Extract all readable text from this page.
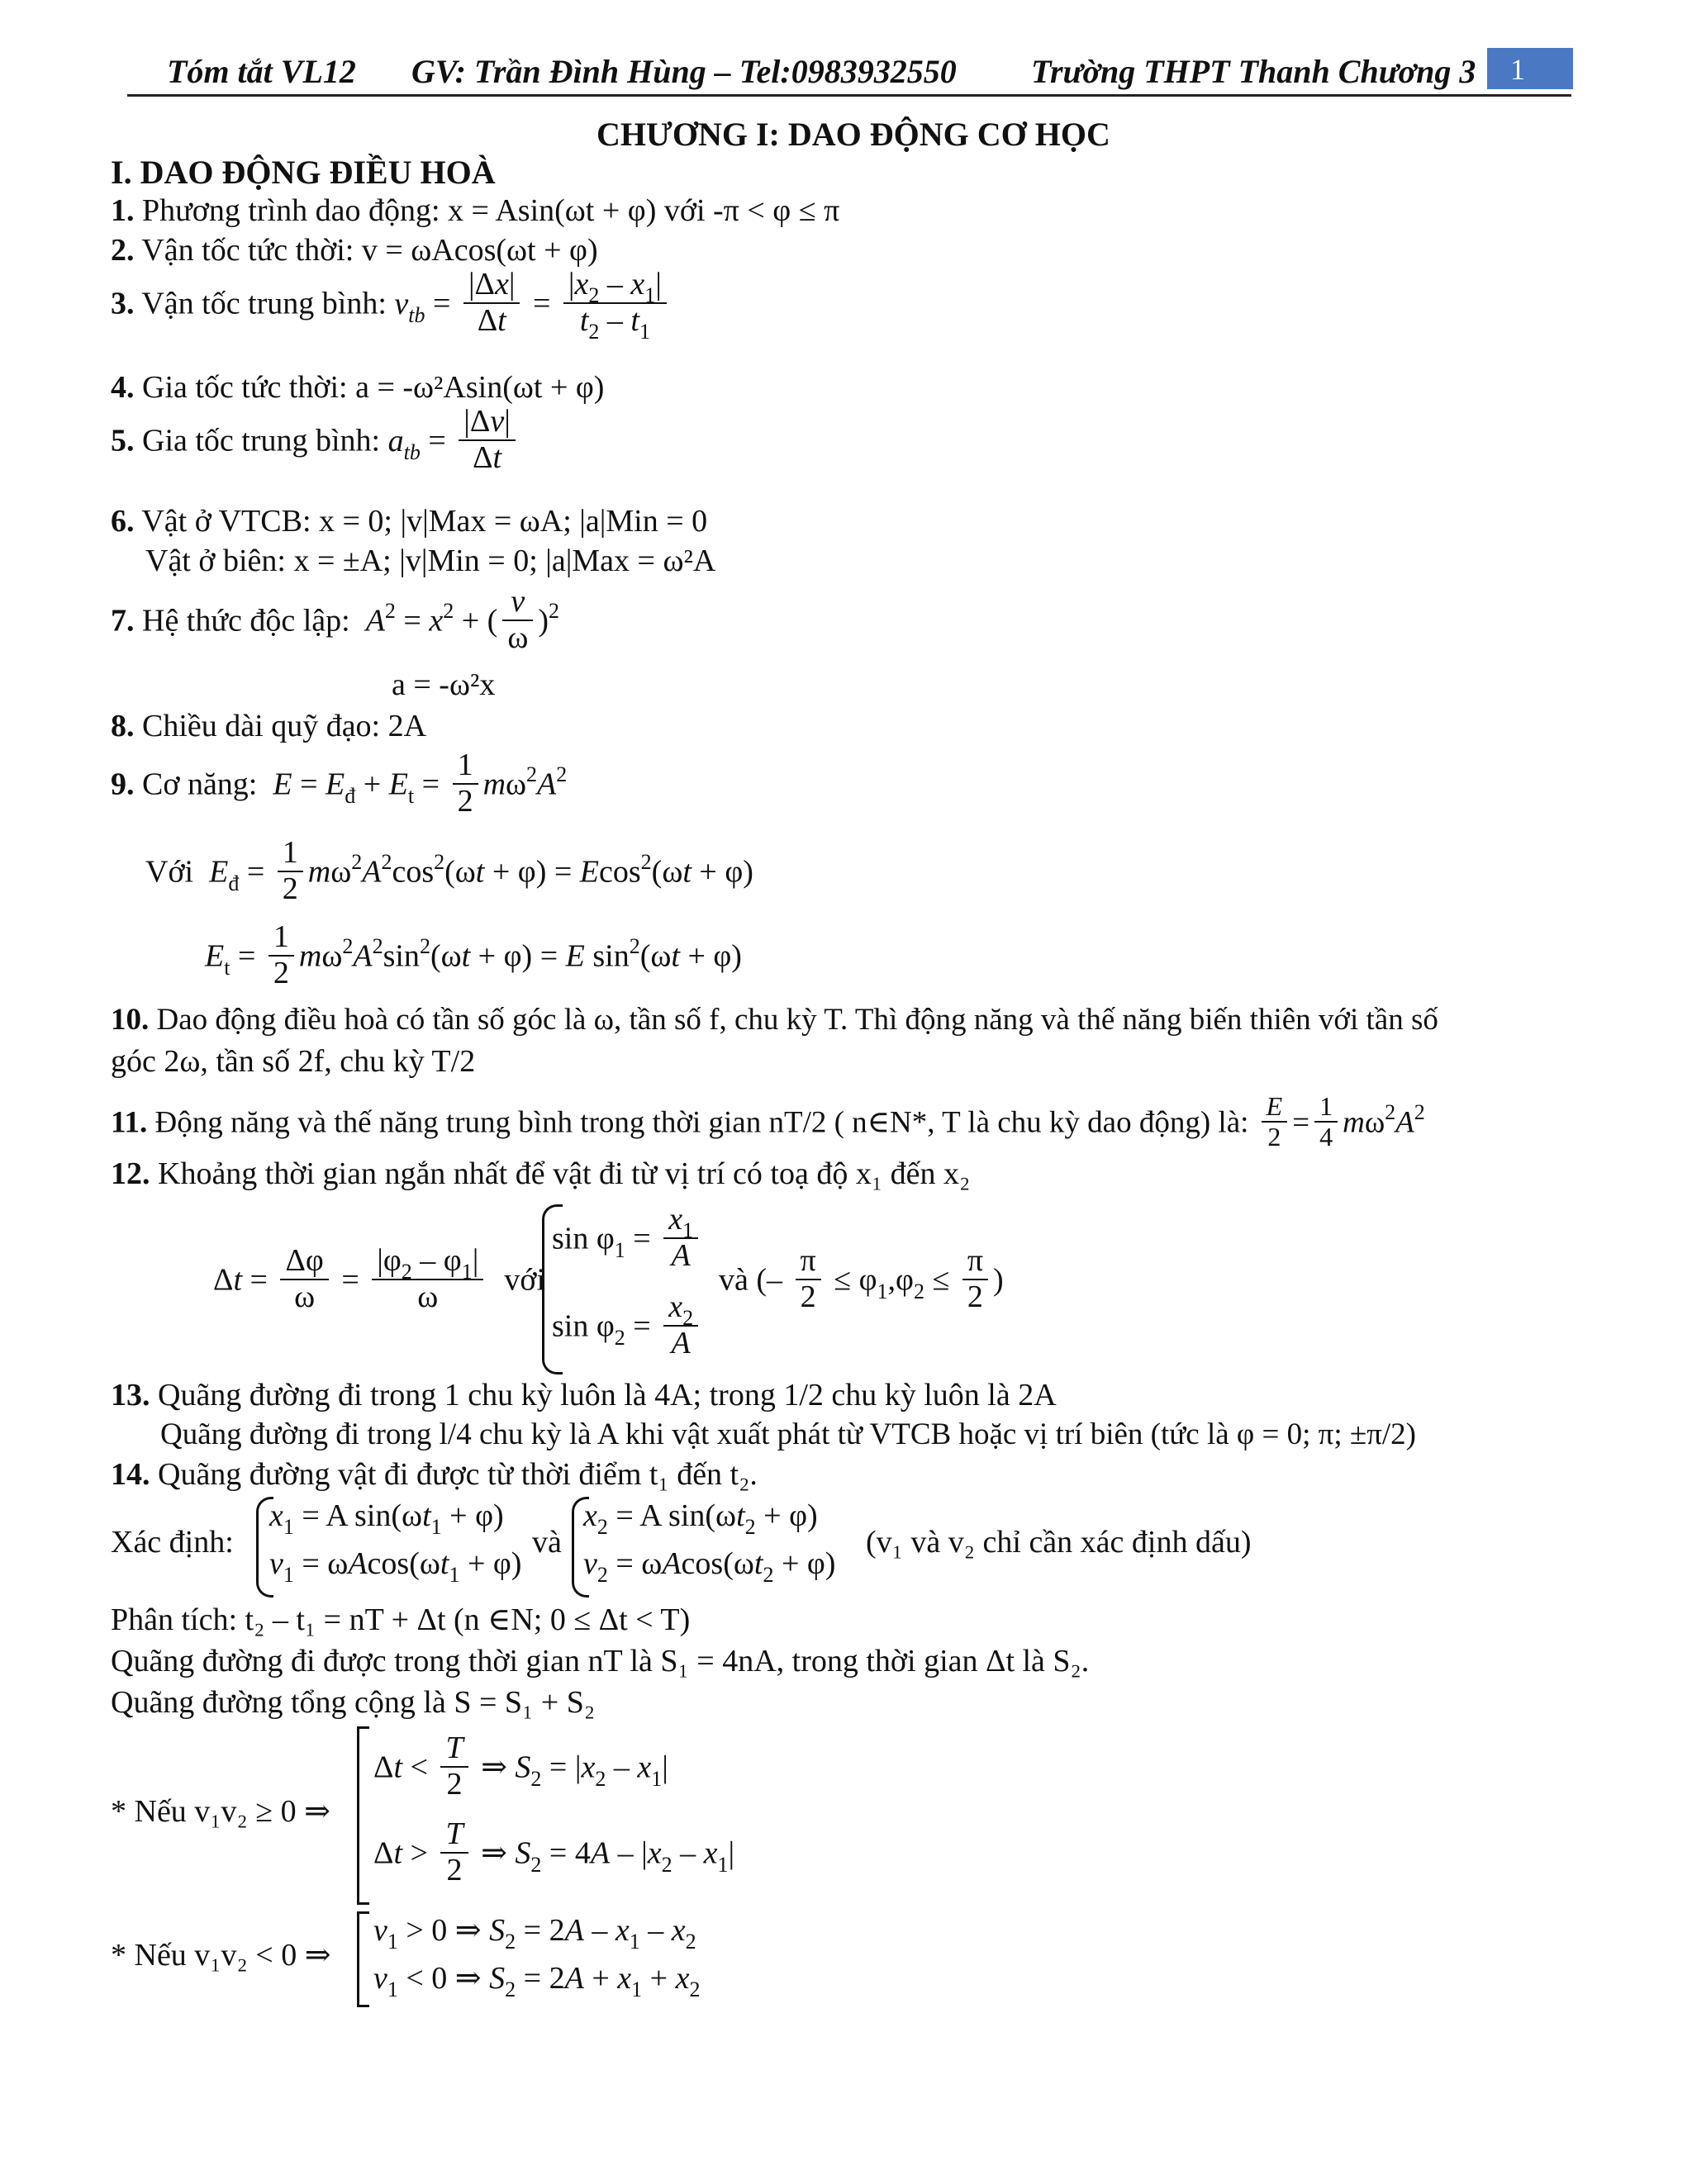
Tóm tắt VL12 GV: Trần Đình Hùng – Tel:0983932550 Trường THPT Thanh Chương 3	1
CHƯƠNG I: DAO ĐỘNG CƠ HỌC
I. DAO ĐỘNG ĐIỀU HOÀ
1. Phương trình dao động: x = Asin(ωt + φ) với -π < φ ≤ π
2. Vận tốc tức thời: v = ωAcos(ωt + φ)
3. Vận tốc trung bình: $v_{tb} = \frac{|\Delta x|}{\Delta t} = \frac{|x_2 - x_1|}{t_2 - t_1}$
4. Gia tốc tức thời: a = -ω²Asin(ωt + φ)
5. Gia tốc trung bình: $a_{tb} = \frac{|\Delta v|}{\Delta t}$
6. Vật ở VTCB: x = 0; |v|Max = ωA; |a|Min = 0
Vật ở biên: x = ±A; |v|Min = 0; |a|Max = ω²A
7. Hệ thức độc lập: $A^2 = x^2$ + ( $\frac{v}{\omega} )^2$
a = -ω²x
8. Chiều dài quỹ đạo: 2A
9. Cơ năng: $E = E_đ + E_t = \frac{1}{2} m\omega^2A^2$
Với $E_đ = \frac{1}{2} m\omega^2A^2\cos^2(\omega t + \varphi) = Ecos^2(\omega t + \varphi)$
$E_t = \frac{1}{2} m\omega^2A^2\sin^2(\omega t + \varphi) = E$ $\sin^2(\omega t + \varphi)$
10. Dao động điều hoà có tần số góc là ω, tần số f, chu kỳ T. Thì động năng và thế năng biến thiên với tần số
góc 2ω, tần số 2f, chu kỳ T/2
11. Động năng và thế năng trung bình trong thời gian nT/2 ( n∈N*, T là chu kỳ dao động) là: $\frac{E}{2} = \frac{1}{4} m\omega^2A^2$
12. Khoảng thời gian ngắn nhất để vật đi từ vị trí có toạ độ x₁ đến x₂
$\Delta t = \frac{\Delta\varphi}{\omega} = \frac{|\varphi_2 - \varphi_1|}{\omega}$ với
$\sin \varphi_1 = \frac{x_1}{A}$
$\sin \varphi_2 = \frac{x_2}{A}$
và (– $\frac{\pi}{2} \le \varphi_1,\varphi_2 \le \frac{\pi}{2}$ )
13. Quãng đường đi trong 1 chu kỳ luôn là 4A; trong 1/2 chu kỳ luôn là 2A
Quãng đường đi trong l/4 chu kỳ là A khi vật xuất phát từ VTCB hoặc vị trí biên (tức là φ = 0; π; ±π/2)
14. Quãng đường vật đi được từ thời điểm t₁ đến t₂.
Xác định:
$x_1 = A$ $\sin(\omega t_1 + \varphi)$
$v_1 = \omega Acos(\omega t_1 + \varphi)$
và
$x_2 = A$ $\sin(\omega t_2 + \varphi)$
$v_2 = \omega Acos(\omega t_2 + \varphi)$
(v₁ và v₂ chỉ cần xác định dấu)
Phân tích: t₂ – t₁ = nT + Δt (n ∈N; 0 ≤ Δt < T)
Quãng đường đi được trong thời gian nT là S₁ = 4nA, trong thời gian Δt là S₂.
Quãng đường tổng cộng là S = S₁ + S₂
* Nếu v₁v₂ ≥ 0 ⇒
$\Delta t < \frac{T}{2}$ ⇒ $S_2 = |x_2 - x_1|$
$\Delta t > \frac{T}{2}$ ⇒ $S_2 = 4A - |x_2 - x_1|$
* Nếu v₁v₂ < 0 ⇒
$v_1 > 0$ ⇒ $S_2 = 2A - x_1 - x_2$
$v_1 < 0$ ⇒ $S_2 = 2A + x_1 + x_2$
